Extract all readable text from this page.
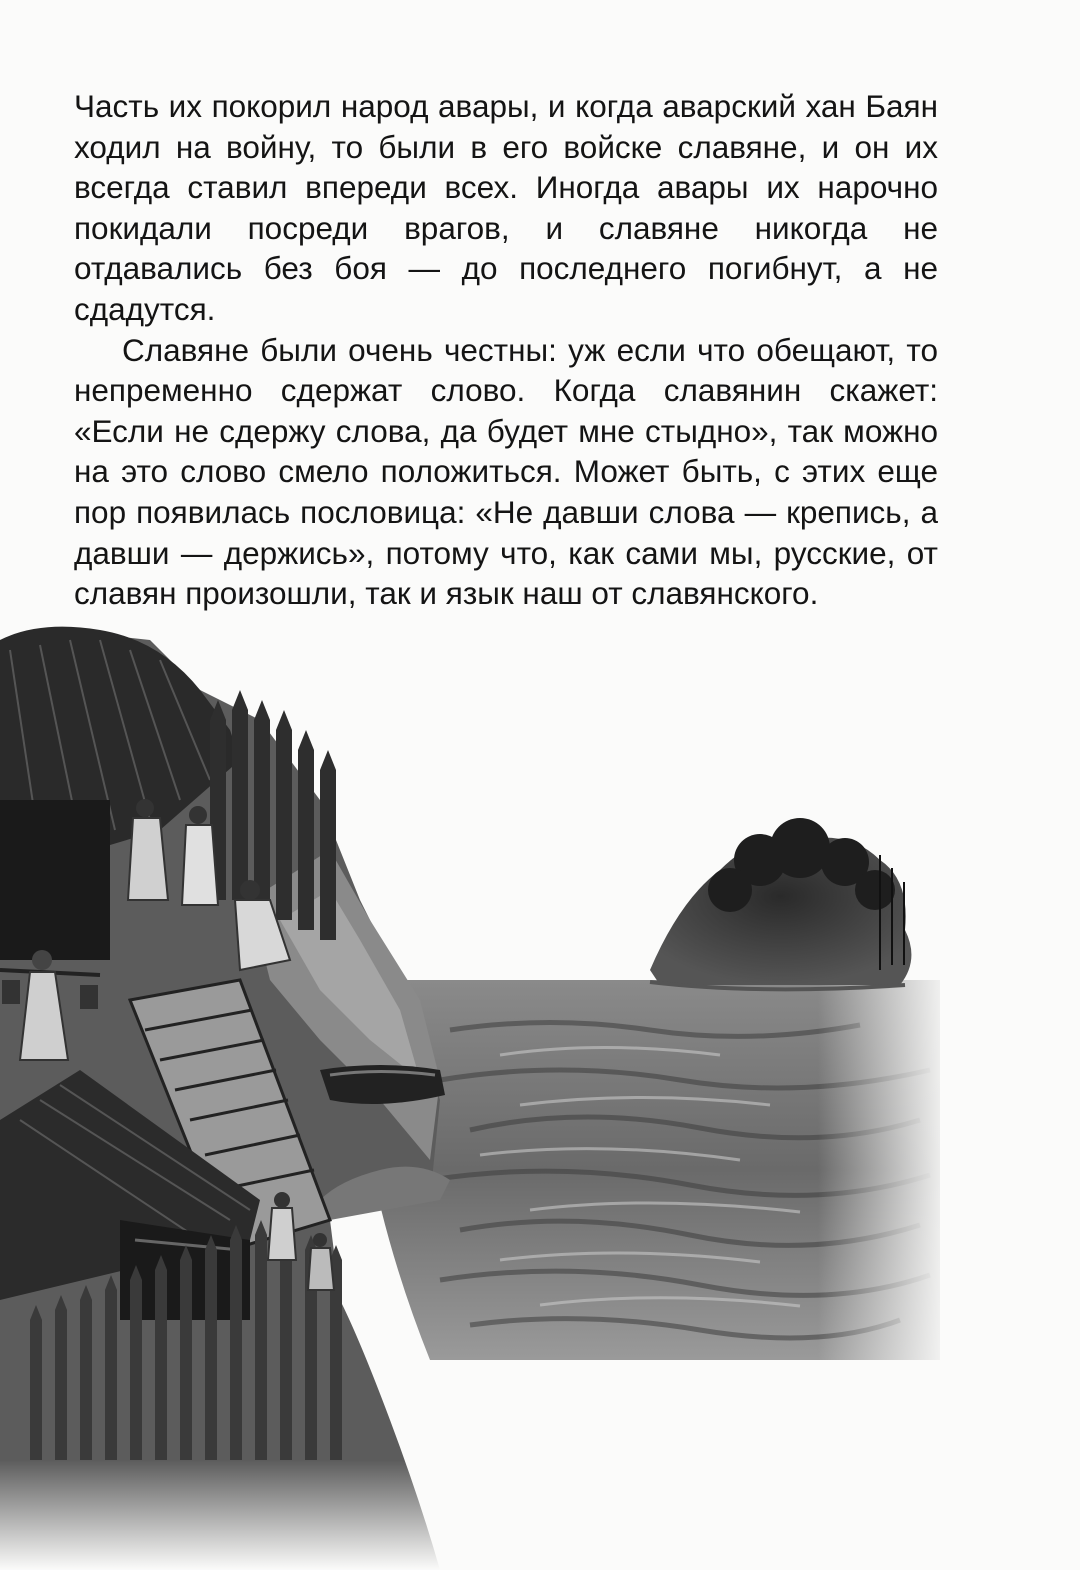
Часть их покорил народ авары, и когда аварский хан Баян ходил на войну, то были в его войске славяне, и он их всегда ставил впереди всех. Иногда авары их нарочно покидали посреди врагов, и славяне никогда не отдавались без боя — до последнего погибнут, а не сдадутся.

Славяне были очень честны: уж если что обещают, то непременно сдержат слово. Когда славянин скажет: «Если не сдержу слова, да будет мне стыдно», так можно на это слово смело положиться. Может быть, с этих еще пор появилась пословица: «Не давши слова — крепись, а давши — держись», потому что, как сами мы, русские, от славян произошли, так и язык наш от славянского.
